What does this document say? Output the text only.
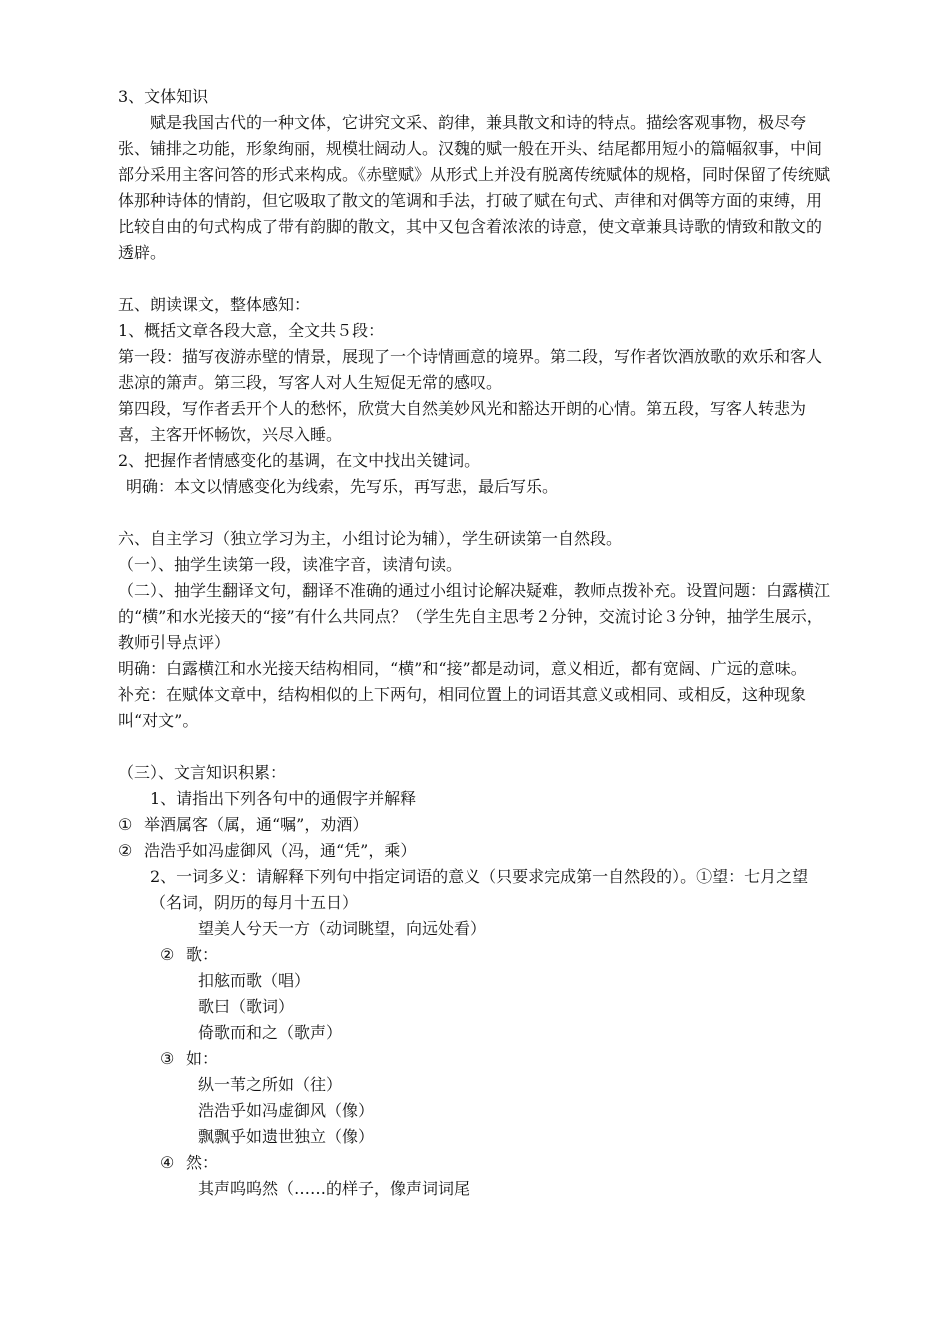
3、文体知识

赋是我国古代的一种文体，它讲究文采、韵律，兼具散文和诗的特点。描绘客观事物，极尽夸张、铺排之功能，形象绚丽，规模壮阔动人。汉魏的赋一般在开头、结尾都用短小的篇幅叙事，中间部分采用主客问答的形式来构成。《赤壁赋》从形式上并没有脱离传统赋体的规格，同时保留了传统赋体那种诗体的情韵，但它吸取了散文的笔调和手法，打破了赋在句式、声律和对偶等方面的束缚，用比较自由的句式构成了带有韵脚的散文，其中又包含着浓浓的诗意，使文章兼具诗歌的情致和散文的透辟。

五、朗读课文，整体感知：

1、概括文章各段大意，全文共５段：

第一段：描写夜游赤壁的情景，展现了一个诗情画意的境界。第二段，写作者饮酒放歌的欢乐和客人悲凉的箫声。第三段，写客人对人生短促无常的感叹。

第四段，写作者丢开个人的愁怀，欣赏大自然美妙风光和豁达开朗的心情。第五段，写客人转悲为喜，主客开怀畅饮，兴尽入睡。

2、把握作者情感变化的基调，在文中找出关键词。

明确：本文以情感变化为线索，先写乐，再写悲，最后写乐。

六、自主学习（独立学习为主，小组讨论为辅），学生研读第一自然段。

（一）、抽学生读第一段，读准字音，读清句读。

（二）、抽学生翻译文句，翻译不准确的通过小组讨论解决疑难，教师点拨补充。设置问题：白露横江的“横”和水光接天的“接”有什么共同点？（学生先自主思考２分钟，交流讨论３分钟，抽学生展示，教师引导点评）

明确：白露横江和水光接天结构相同，“横”和“接”都是动词，意义相近，都有宽阔、广远的意味。

补充：在赋体文章中，结构相似的上下两句，相同位置上的词语其意义或相同、或相反，这种现象叫“对文”。

（三）、文言知识积累：

1、请指出下列各句中的通假字并解释

① 举酒属客（属，通“嘱”，劝酒）
② 浩浩乎如冯虚御风（冯，通“凭”，乘）

2、一词多义：请解释下列句中指定词语的意义（只要求完成第一自然段的）。①望：七月之望（名词，阴历的每月十五日）

望美人兮天一方（动词眺望，向远处看）

② 歌：

扣舷而歌（唱）

歌曰（歌词）

倚歌而和之（歌声）

③ 如：

纵一苇之所如（往）

浩浩乎如冯虚御风（像）

飘飘乎如遗世独立（像）

④ 然：

其声呜呜然（……的样子，像声词词尾
